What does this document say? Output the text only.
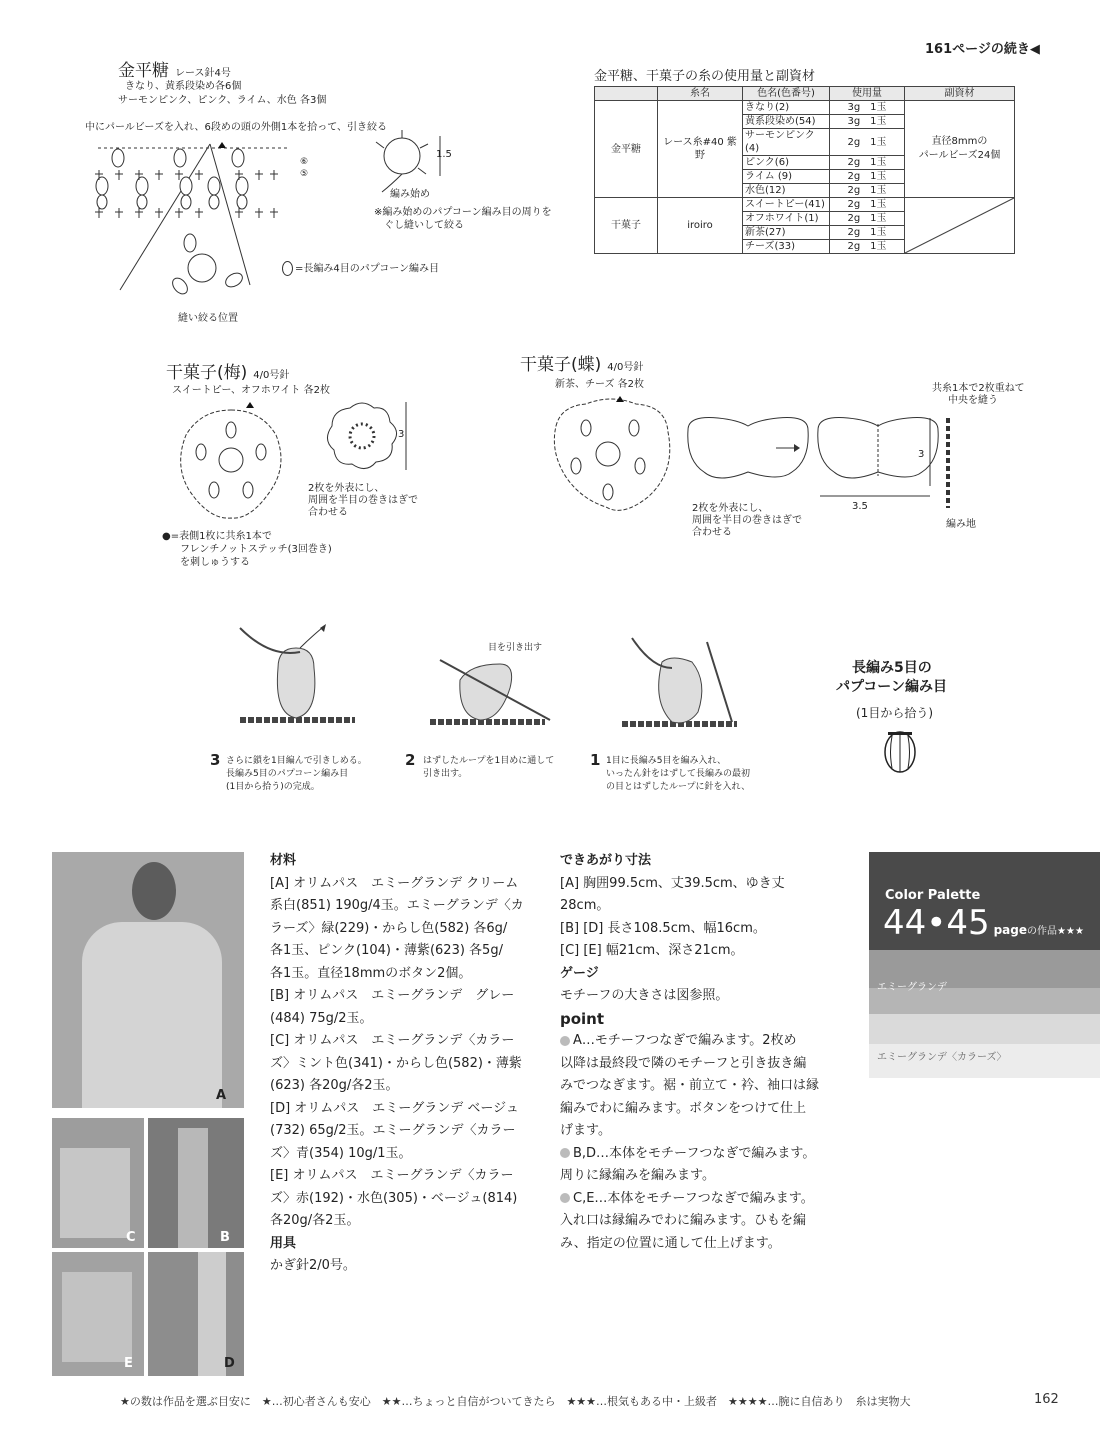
161ページの続き◀
金平糖 レース針4号
きなり、黄系段染め各6個
サーモンピンク、ピンク、ライム、水色 各3個
中にパールビーズを入れ、6段めの頭の外側1本を拾って、引き絞る
⑥
⑤
縫い絞る位置
1.5
編み始め
※編み始めのパプコーン編み目の周りを
ぐし縫いして絞る
=長編み4目のパプコーン編み目
金平糖、干菓子の糸の使用量と副資材
	糸名	色名(色番号)	使用量	副資材
金平糖	レース糸#40 紫野	きなり(2)	3g　1玉	直径8mmの
パールビーズ24個
		黄系段染め(54)	3g　1玉	
		サーモンピンク(4)	2g　1玉	
		ピンク(6)	2g　1玉	
		ライム (9)	2g　1玉	
		水色(12)	2g　1玉	
干菓子	iroiro	スイートピー(41)	2g　1玉	

		オフホワイト(1)	2g　1玉	
		新茶(27)	2g　1玉	
		チーズ(33)	2g　1玉	
干菓子(梅) 4/0号針
スイートピー、オフホワイト 各2枚
3
2枚を外表にし、
周囲を半目の巻きはぎで
合わせる
●=表側1枚に共糸1本で
フレンチノットステッチ(3回巻き)
を刺しゅうする
干菓子(蝶) 4/0号針
新茶、チーズ 各2枚	共糸1本で2枚重ねて
中央を縫う
3
3.5
編み地
2枚を外表にし、
周囲を半目の巻きはぎで
合わせる
目を引き出す
3 さらに鎖を1目編んで引きしめる。
長編み5目のパプコーン編み目
(1目から拾う)の完成。
2 はずしたループを1目めに通して
引き出す。
1 1目に長編み5目を編み入れ、
いったん針をはずして長編みの最初
の目とはずしたループに針を入れ、
長編み5目の
パプコーン編み目
(1目から拾う)
A
C	B
E	D

材料

[A] オリムパス　エミーグランデ クリーム

系白(851) 190g/4玉。エミーグランデ〈カ

ラーズ〉緑(229)・からし色(582) 各6g/

各1玉、ピンク(104)・薄紫(623) 各5g/

各1玉。直径18mmのボタン2個。

[B] オリムパス　エミーグランデ　グレー

(484) 75g/2玉。

[C] オリムパス　エミーグランデ〈カラー

ズ〉ミント色(341)・からし色(582)・薄紫

(623) 各20g/各2玉。

[D] オリムパス　エミーグランデ ベージュ

(732) 65g/2玉。エミーグランデ〈カラー

ズ〉青(354) 10g/1玉。

[E] オリムパス　エミーグランデ〈カラー

ズ〉赤(192)・水色(305)・ベージュ(814)

各20g/各2玉。

用具

かぎ針2/0号。

できあがり寸法

[A] 胸囲99.5cm、丈39.5cm、ゆき丈

28cm。

[B] [D] 長さ108.5cm、幅16cm。

[C] [E] 幅21cm、深さ21cm。

ゲージ

モチーフの大きさは図参照。

point

A…モチーフつなぎで編みます。2枚め

以降は最終段で隣のモチーフと引き抜き編

みでつなぎます。裾・前立て・衿、袖口は縁

編みでわに編みます。ボタンをつけて仕上

げます。

B,D…本体をモチーフつなぎで編みます。

周りに縁編みを編みます。

C,E…本体をモチーフつなぎで編みます。

入れ口は縁編みでわに編みます。ひもを編

み、指定の位置に通して仕上げます。

Color Palette
44•45 pageの作品★★★
エミーグランデ
エミーグランデ〈カラーズ〉
★の数は作品を選ぶ目安に　★…初心者さんも安心　★★…ちょっと自信がついてきたら　★★★…根気もある中・上級者　★★★★…腕に自信あり　糸は実物大	162
